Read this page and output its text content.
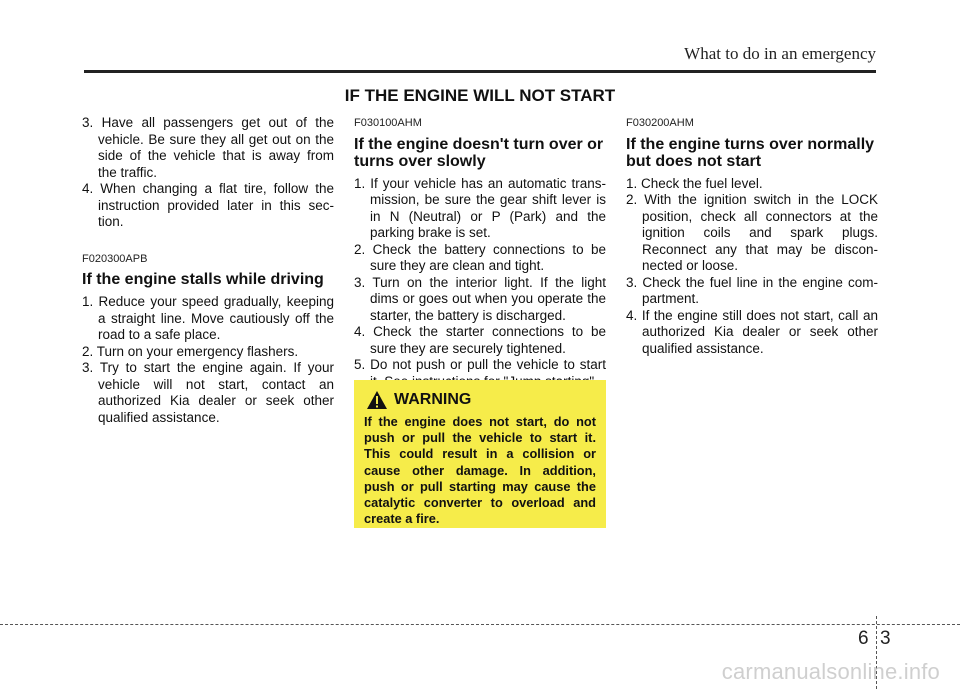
What to do in an emergency
IF THE ENGINE WILL NOT START
3. Have all passengers get out of the vehicle. Be sure they all get out on the side of the vehicle that is away from the traffic.
4. When changing a flat tire, follow the instruction provided later in this sec-tion.
F020300APB
If the engine stalls while driving
1. Reduce your speed gradually, keeping a straight line. Move cautiously off the road to a safe place.
2. Turn on your emergency flashers.
3. Try to start the engine again. If your vehicle will not start, contact an authorized Kia dealer or seek other qualified assistance.
F030100AHM
If the engine doesn't turn over or turns over slowly
1. If your vehicle has an automatic trans-mission, be sure the gear shift lever is in N (Neutral) or P (Park) and the parking brake is set.
2. Check the battery connections to be sure they are clean and tight.
3. Turn on the interior light. If the light dims or goes out when you operate the starter, the battery is discharged.
4. Check the starter connections to be sure they are securely tightened.
5. Do not push or pull the vehicle to start
WARNING
If the engine does not start, do not push or pull the vehicle to start it. This could result in a collision or cause other damage. In addition, push or pull starting may cause the catalytic converter to overload and create a fire.
F030200AHM
If the engine turns over normally but does not start
1. Check the fuel level.
2. With the ignition switch in the LOCK position, check all connectors at the ignition coils and spark plugs. Reconnect any that may be discon-nected or loose.
3. Check the fuel line in the engine com-partment.
4. If the engine still does not start, call an authorized Kia dealer or seek other qualified assistance.
6 3
carmanualsonline.info
